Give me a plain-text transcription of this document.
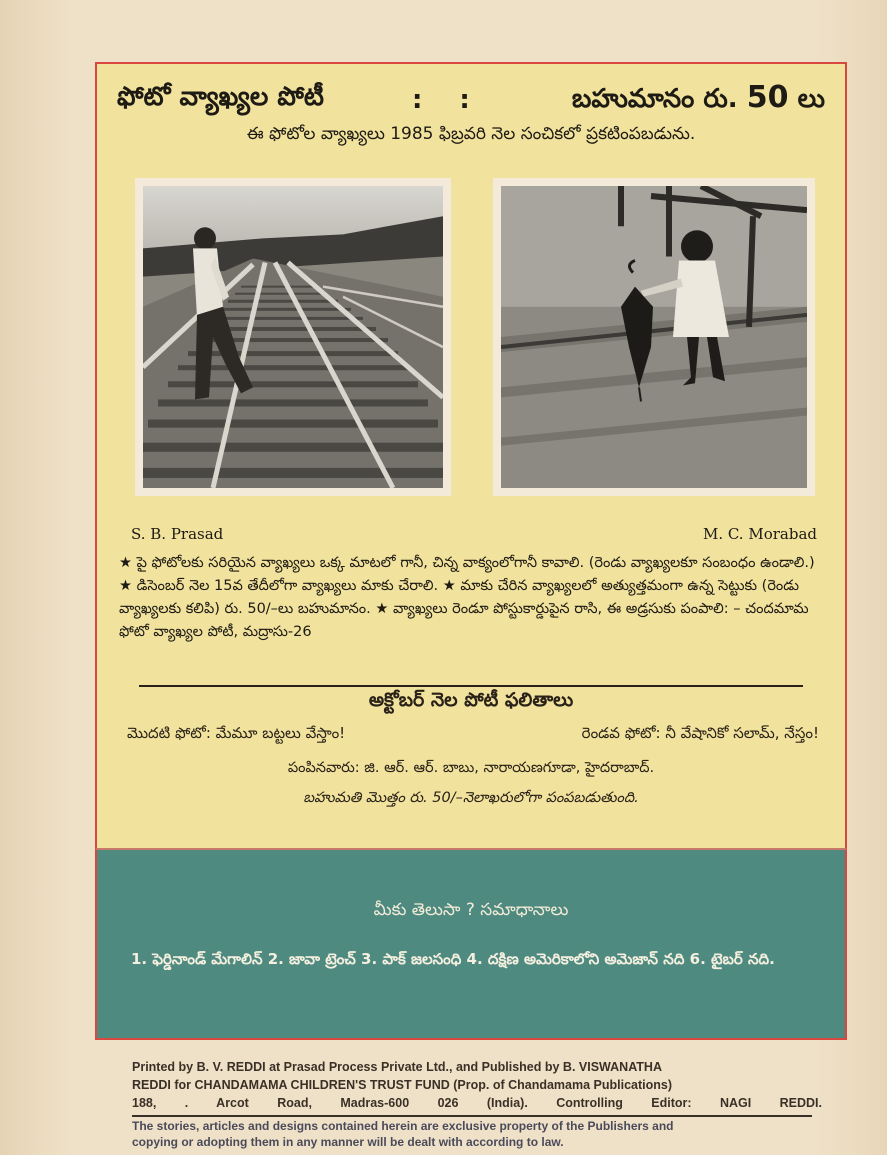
ఫోటో వ్యాఖ్యల పోటీ	: :	బహుమానం రు. 50 లు
ఈ ఫోటోల వ్యాఖ్యలు 1985 ఫిబ్రవరి నెల సంచికలో ప్రకటింపబడును.
S. B. Prasad	M. C. Morabad
★ పై ఫోటోలకు సరియైన వ్యాఖ్యలు ఒక్క మాటలో గానీ, చిన్న వాక్యంలోగానీ కావాలి. (రెండు వ్యాఖ్యలకూ సంబంధం ఉండాలి.) ★ డిసెంబర్ నెల 15వ తేదీలోగా వ్యాఖ్యలు మాకు చేరాలి. ★ మాకు చేరిన వ్యాఖ్యలలో అత్యుత్తమంగా ఉన్న సెట్టుకు (రెండు వ్యాఖ్యలకు కలిపి) రు. 50/–లు బహుమానం. ★ వ్యాఖ్యలు రెండూ పోస్టుకార్డుపైన రాసి, ఈ అడ్రసుకు పంపాలి: – చందమామ ఫోటో వ్యాఖ్యల పోటీ, మద్రాసు-26
అక్టోబర్ నెల పోటీ ఫలితాలు
మొదటి ఫోటో: మేమూ బట్టలు వేస్తాం!	రెండవ ఫోటో: నీ వేషానికో సలామ్, నేస్తం!
పంపినవారు: జి. ఆర్. ఆర్. బాబు, నారాయణగూడా, హైదరాబాద్.
బహుమతి మొత్తం రు. 50/–నెలాఖరులోగా పంపబడుతుంది.
మీకు తెలుసా ? సమాధానాలు
1. ఫెర్డినాండ్ మేగాలిన్ 2. జావా ట్రెంచ్ 3. పాక్ జలసంధి 4. దక్షిణ అమెరికాలోని అమెజాన్ నది 6. టైబర్ నది.
Printed by B. V. REDDI at Prasad Process Private Ltd., and Published by B. VISWANATHA
REDDI for CHANDAMAMA CHILDREN'S TRUST FUND (Prop. of Chandamama Publications)
188, . Arcot Road, Madras-600 026 (India). Controlling Editor: NAGI REDDI.
The stories, articles and designs contained herein are exclusive property of the Publishers and
copying or adopting them in any manner will be dealt with according to law.
